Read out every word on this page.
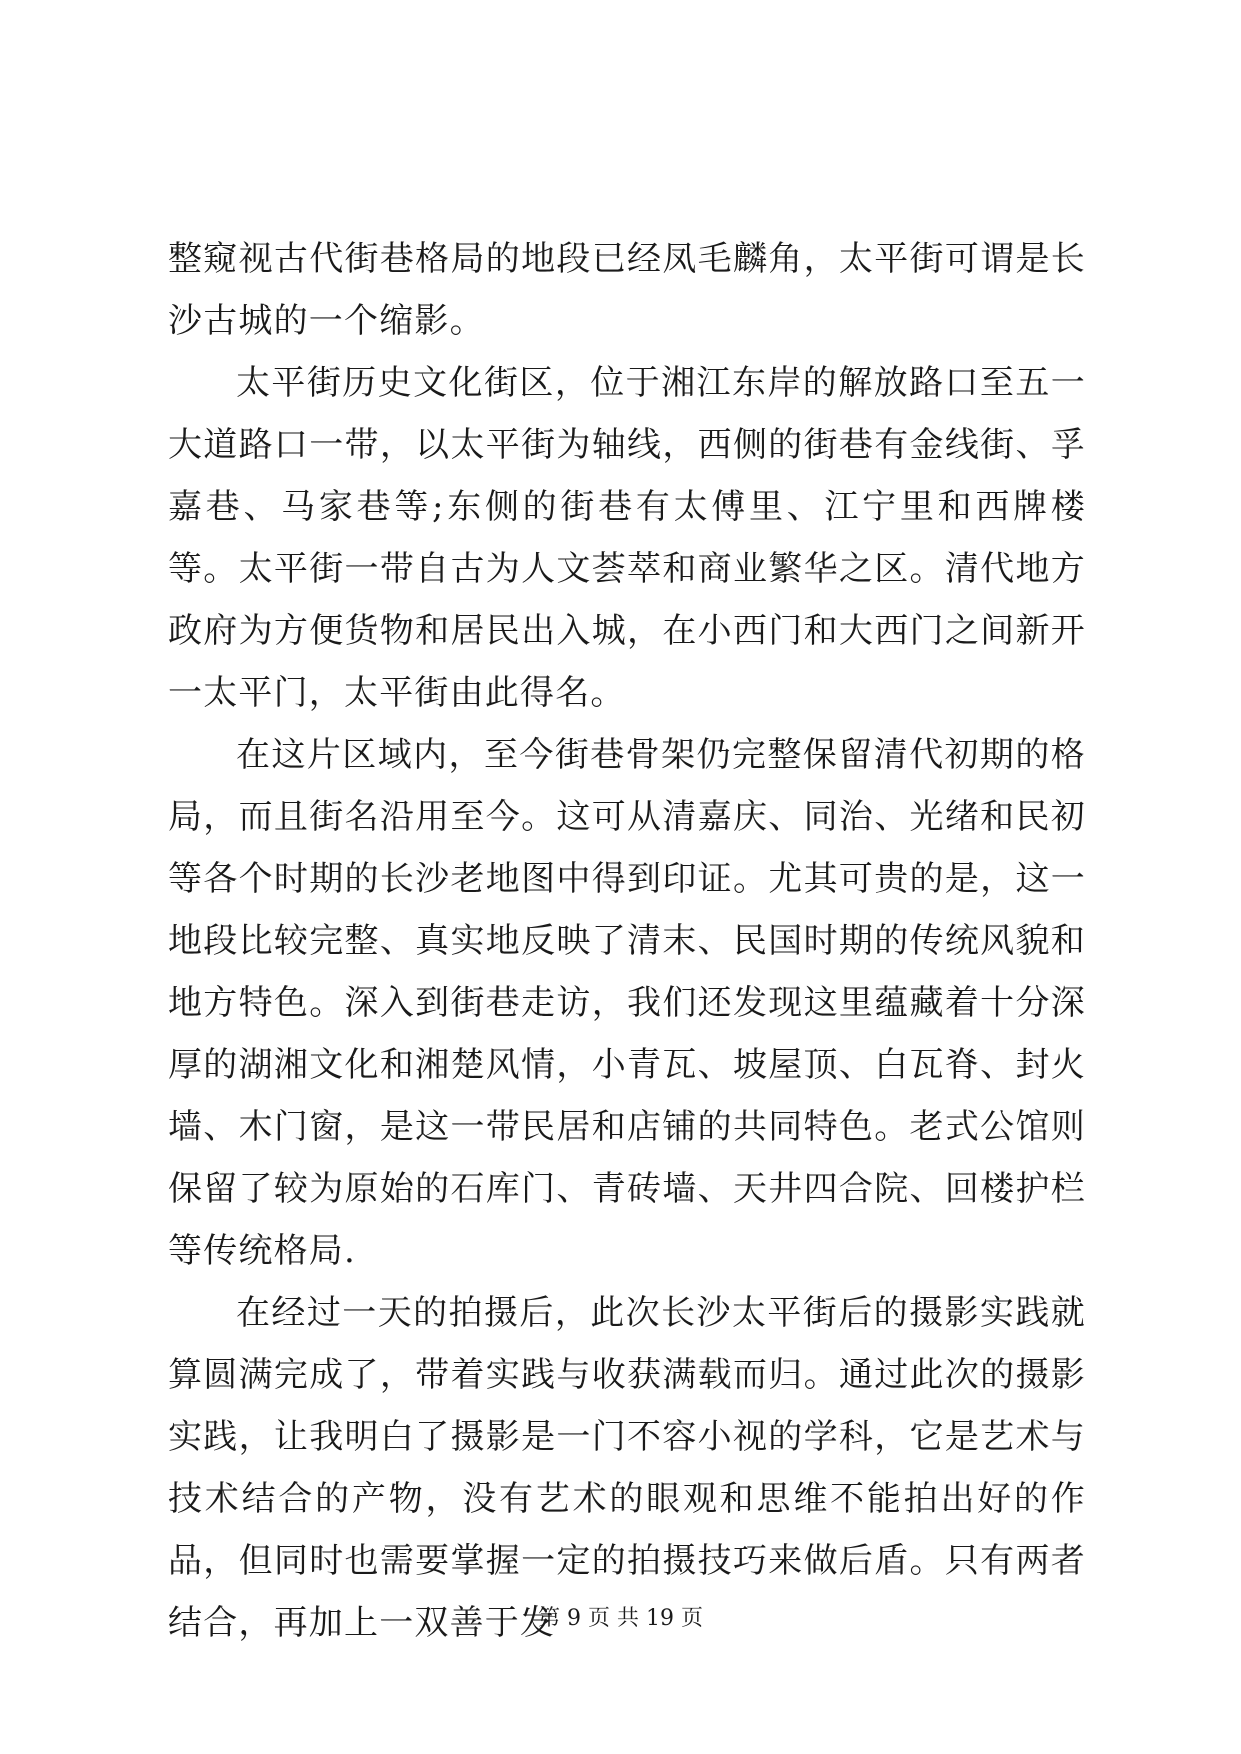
整窥视古代街巷格局的地段已经凤毛麟角，太平街可谓是长沙古城的一个缩影。

太平街历史文化街区，位于湘江东岸的解放路口至五一大道路口一带，以太平街为轴线，西侧的街巷有金线街、孚嘉巷、马家巷等;东侧的街巷有太傅里、江宁里和西牌楼等。太平街一带自古为人文荟萃和商业繁华之区。清代地方政府为方便货物和居民出入城，在小西门和大西门之间新开一太平门，太平街由此得名。

在这片区域内，至今街巷骨架仍完整保留清代初期的格局，而且街名沿用至今。这可从清嘉庆、同治、光绪和民初等各个时期的长沙老地图中得到印证。尤其可贵的是，这一地段比较完整、真实地反映了清末、民国时期的传统风貌和地方特色。深入到街巷走访，我们还发现这里蕴藏着十分深厚的湖湘文化和湘楚风情，小青瓦、坡屋顶、白瓦脊、封火墙、木门窗，是这一带民居和店铺的共同特色。老式公馆则保留了较为原始的石库门、青砖墙、天井四合院、回楼护栏等传统格局.

在经过一天的拍摄后，此次长沙太平街后的摄影实践就算圆满完成了，带着实践与收获满载而归。通过此次的摄影实践，让我明白了摄影是一门不容小视的学科，它是艺术与技术结合的产物，没有艺术的眼观和思维不能拍出好的作品，但同时也需要掌握一定的拍摄技巧来做后盾。只有两者结合，再加上一双善于发

第 9 页 共 19 页
